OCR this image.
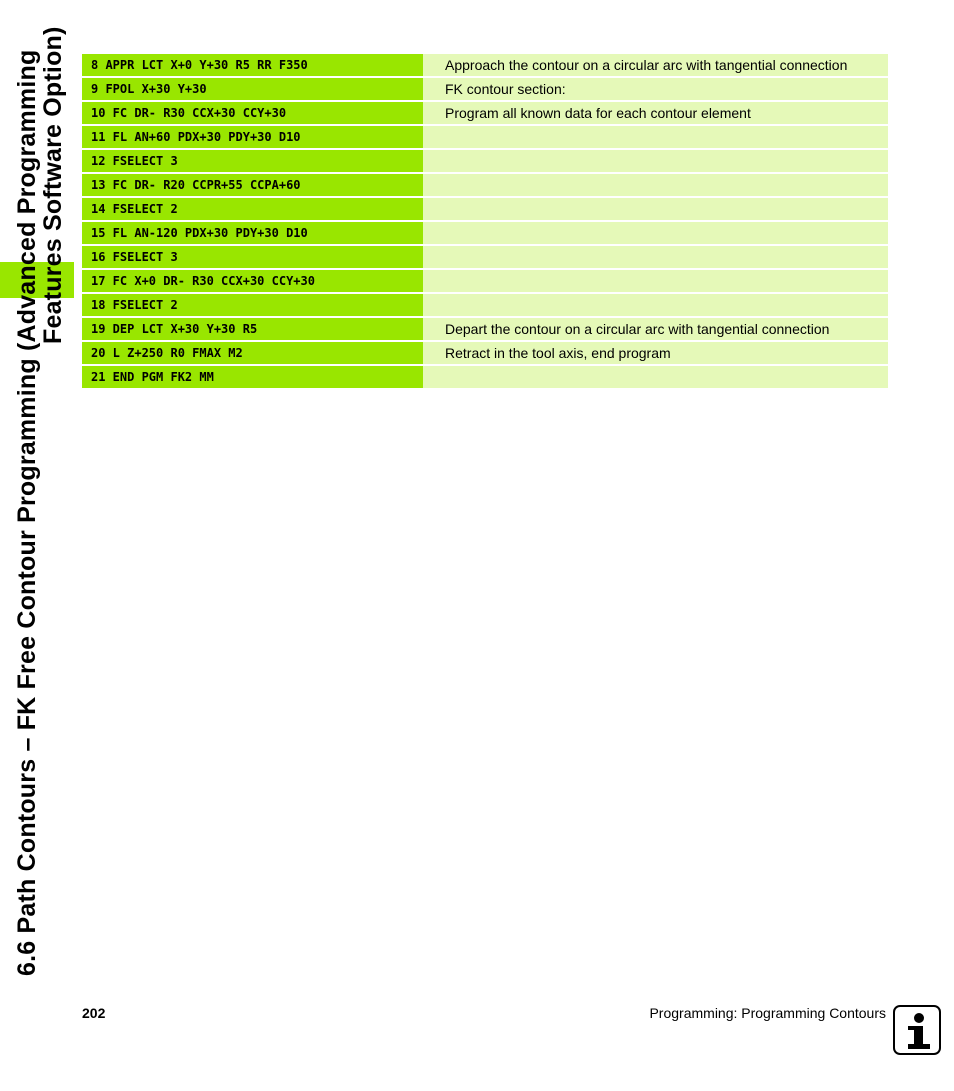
6.6 Path Contours – FK Free Contour Programming (Advanced Programming
Features Software Option)	8 APPR LCT X+0 Y+30 R5 RR F350	Approach the contour on a circular arc with tangential connection
9 FPOL X+30 Y+30	FK contour section:
10 FC DR- R30 CCX+30 CCY+30	Program all known data for each contour element
11 FL AN+60 PDX+30 PDY+30 D10
12 FSELECT 3
13 FC DR- R20 CCPR+55 CCPA+60
14 FSELECT 2
15 FL AN-120 PDX+30 PDY+30 D10
16 FSELECT 3
17 FC X+0 DR- R30 CCX+30 CCY+30
18 FSELECT 2
19 DEP LCT X+30 Y+30 R5	Depart the contour on a circular arc with tangential connection
20 L Z+250 R0 FMAX M2	Retract in the tool axis, end program
21 END PGM FK2 MM
202	Programming: Programming Contours
